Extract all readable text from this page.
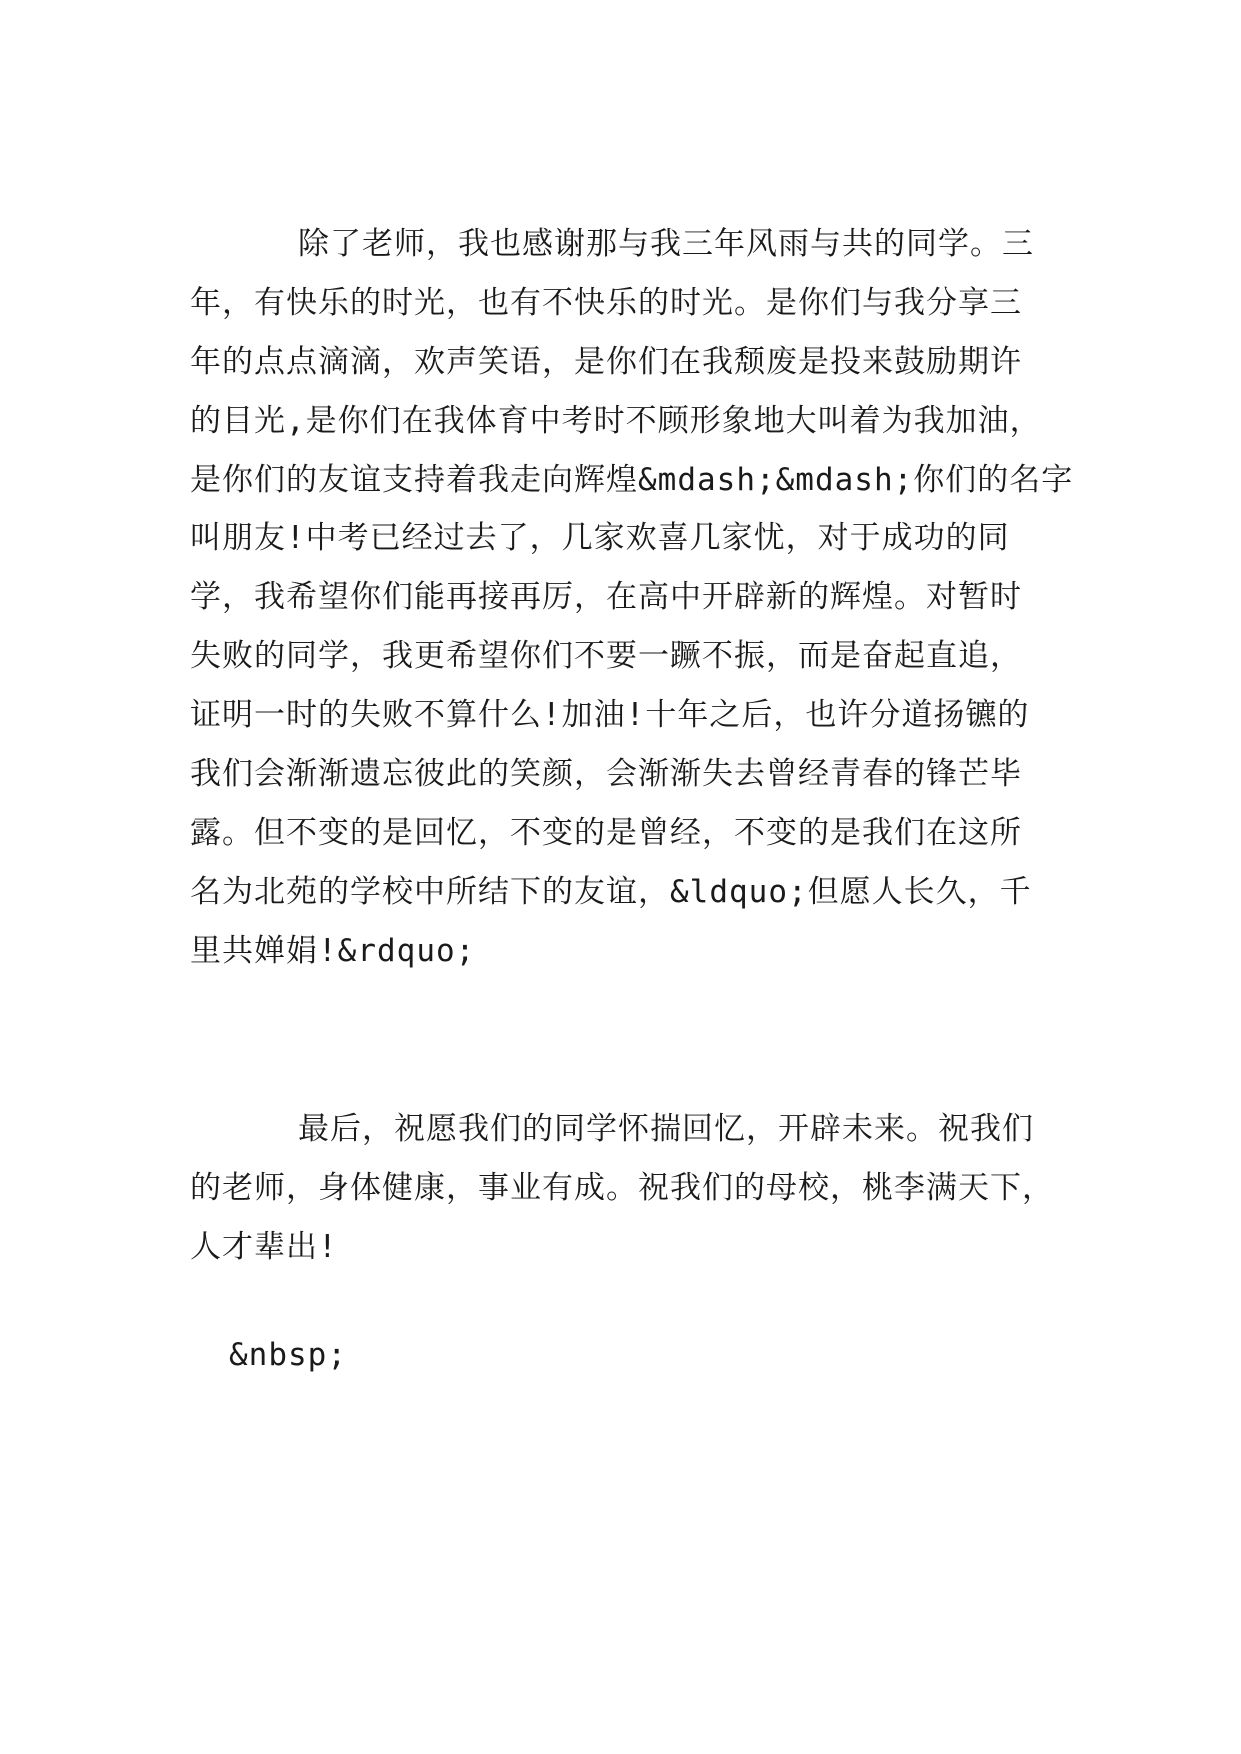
除了老师，我也感谢那与我三年风雨与共的同学。三
年，有快乐的时光，也有不快乐的时光。是你们与我分享三
年的点点滴滴，欢声笑语，是你们在我颓废是投来鼓励期许
的目光,是你们在我体育中考时不顾形象地大叫着为我加油，
是你们的友谊支持着我走向辉煌&mdash;&mdash;你们的名字
叫朋友!中考已经过去了，几家欢喜几家忧，对于成功的同
学，我希望你们能再接再厉，在高中开辟新的辉煌。对暂时
失败的同学，我更希望你们不要一蹶不振，而是奋起直追，
证明一时的失败不算什么!加油!十年之后，也许分道扬镳的
我们会渐渐遗忘彼此的笑颜，会渐渐失去曾经青春的锋芒毕
露。但不变的是回忆，不变的是曾经，不变的是我们在这所
名为北苑的学校中所结下的友谊，&ldquo;但愿人长久，千
里共婵娟!&rdquo;
最后，祝愿我们的同学怀揣回忆，开辟未来。祝我们
的老师，身体健康，事业有成。祝我们的母校，桃李满天下，
人才辈出!
&nbsp;
